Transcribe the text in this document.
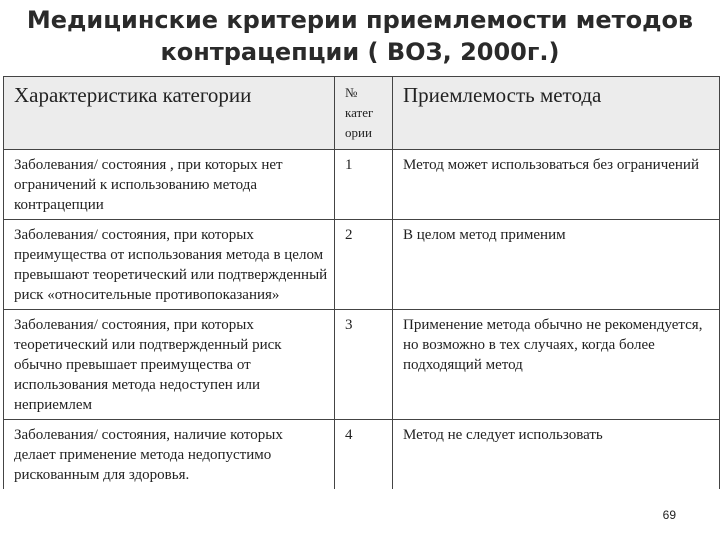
Медицинские критерии приемлемости методов
контрацепции ( ВОЗ, 2000г.)
Характеристика категории	№ катег ории	Приемлемость метода
Заболевания/ состояния , при которых нет ограничений к использованию метода контрацепции	1	Метод может использоваться без ограничений
Заболевания/ состояния, при которых преимущества от использования метода в целом превышают теоретический или подтвержденный риск «относительные противопоказания»	2	В целом метод применим
Заболевания/ состояния, при которых теоретический или подтвержденный риск обычно превышает преимущества от использования метода недоступен или неприемлем	3	Применение метода обычно не рекомендуется, но возможно в тех случаях, когда более подходящий метод
Заболевания/ состояния, наличие которых делает применение метода недопустимо рискованным для здоровья.	4	Метод не следует использовать
69
